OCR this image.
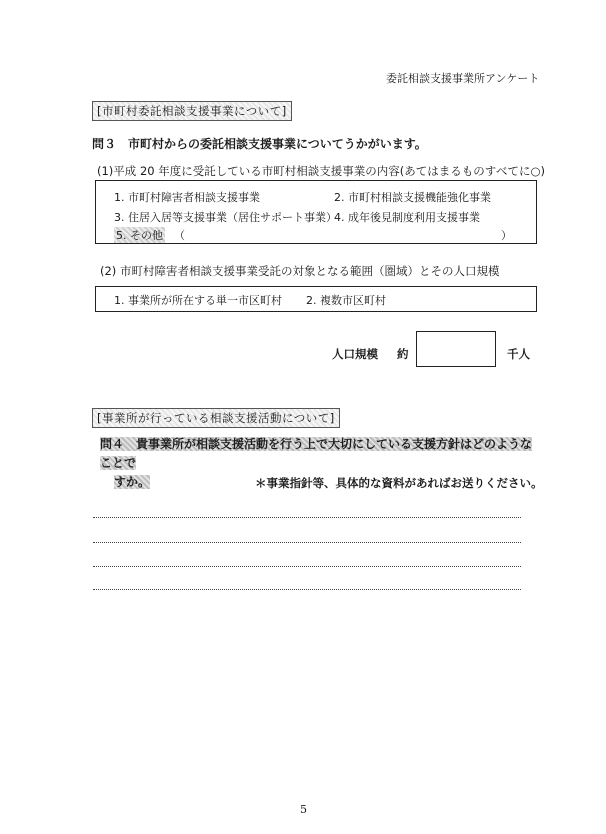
委託相談支援事業所アンケート
[市町村委託相談支援事業について]
問３　市町村からの委託相談支援事業についてうかがいます。
(1)平成 20 年度に受託している市町村相談支援事業の内容(あてはまるものすべてに○)
1. 市町村障害者相談支援事業	2. 市町村相談支援機能強化事業
3. 住居入居等支援事業（居住サポート事業）
4. 成年後見制度利用支援事業
5. その他 （	）
(2) 市町村障害者相談支援事業受託の対象となる範囲（圏域）とその人口規模
1. 事業所が所在する単一市区町村 2. 複数市区町村
人口規模 約	千人
[事業所が行っている相談支援活動について]
問４　貴事業所が相談支援活動を行う上で大切にしている支援方針はどのようなことで
すか。	＊事業指針等、具体的な資料があればお送りください。
5
